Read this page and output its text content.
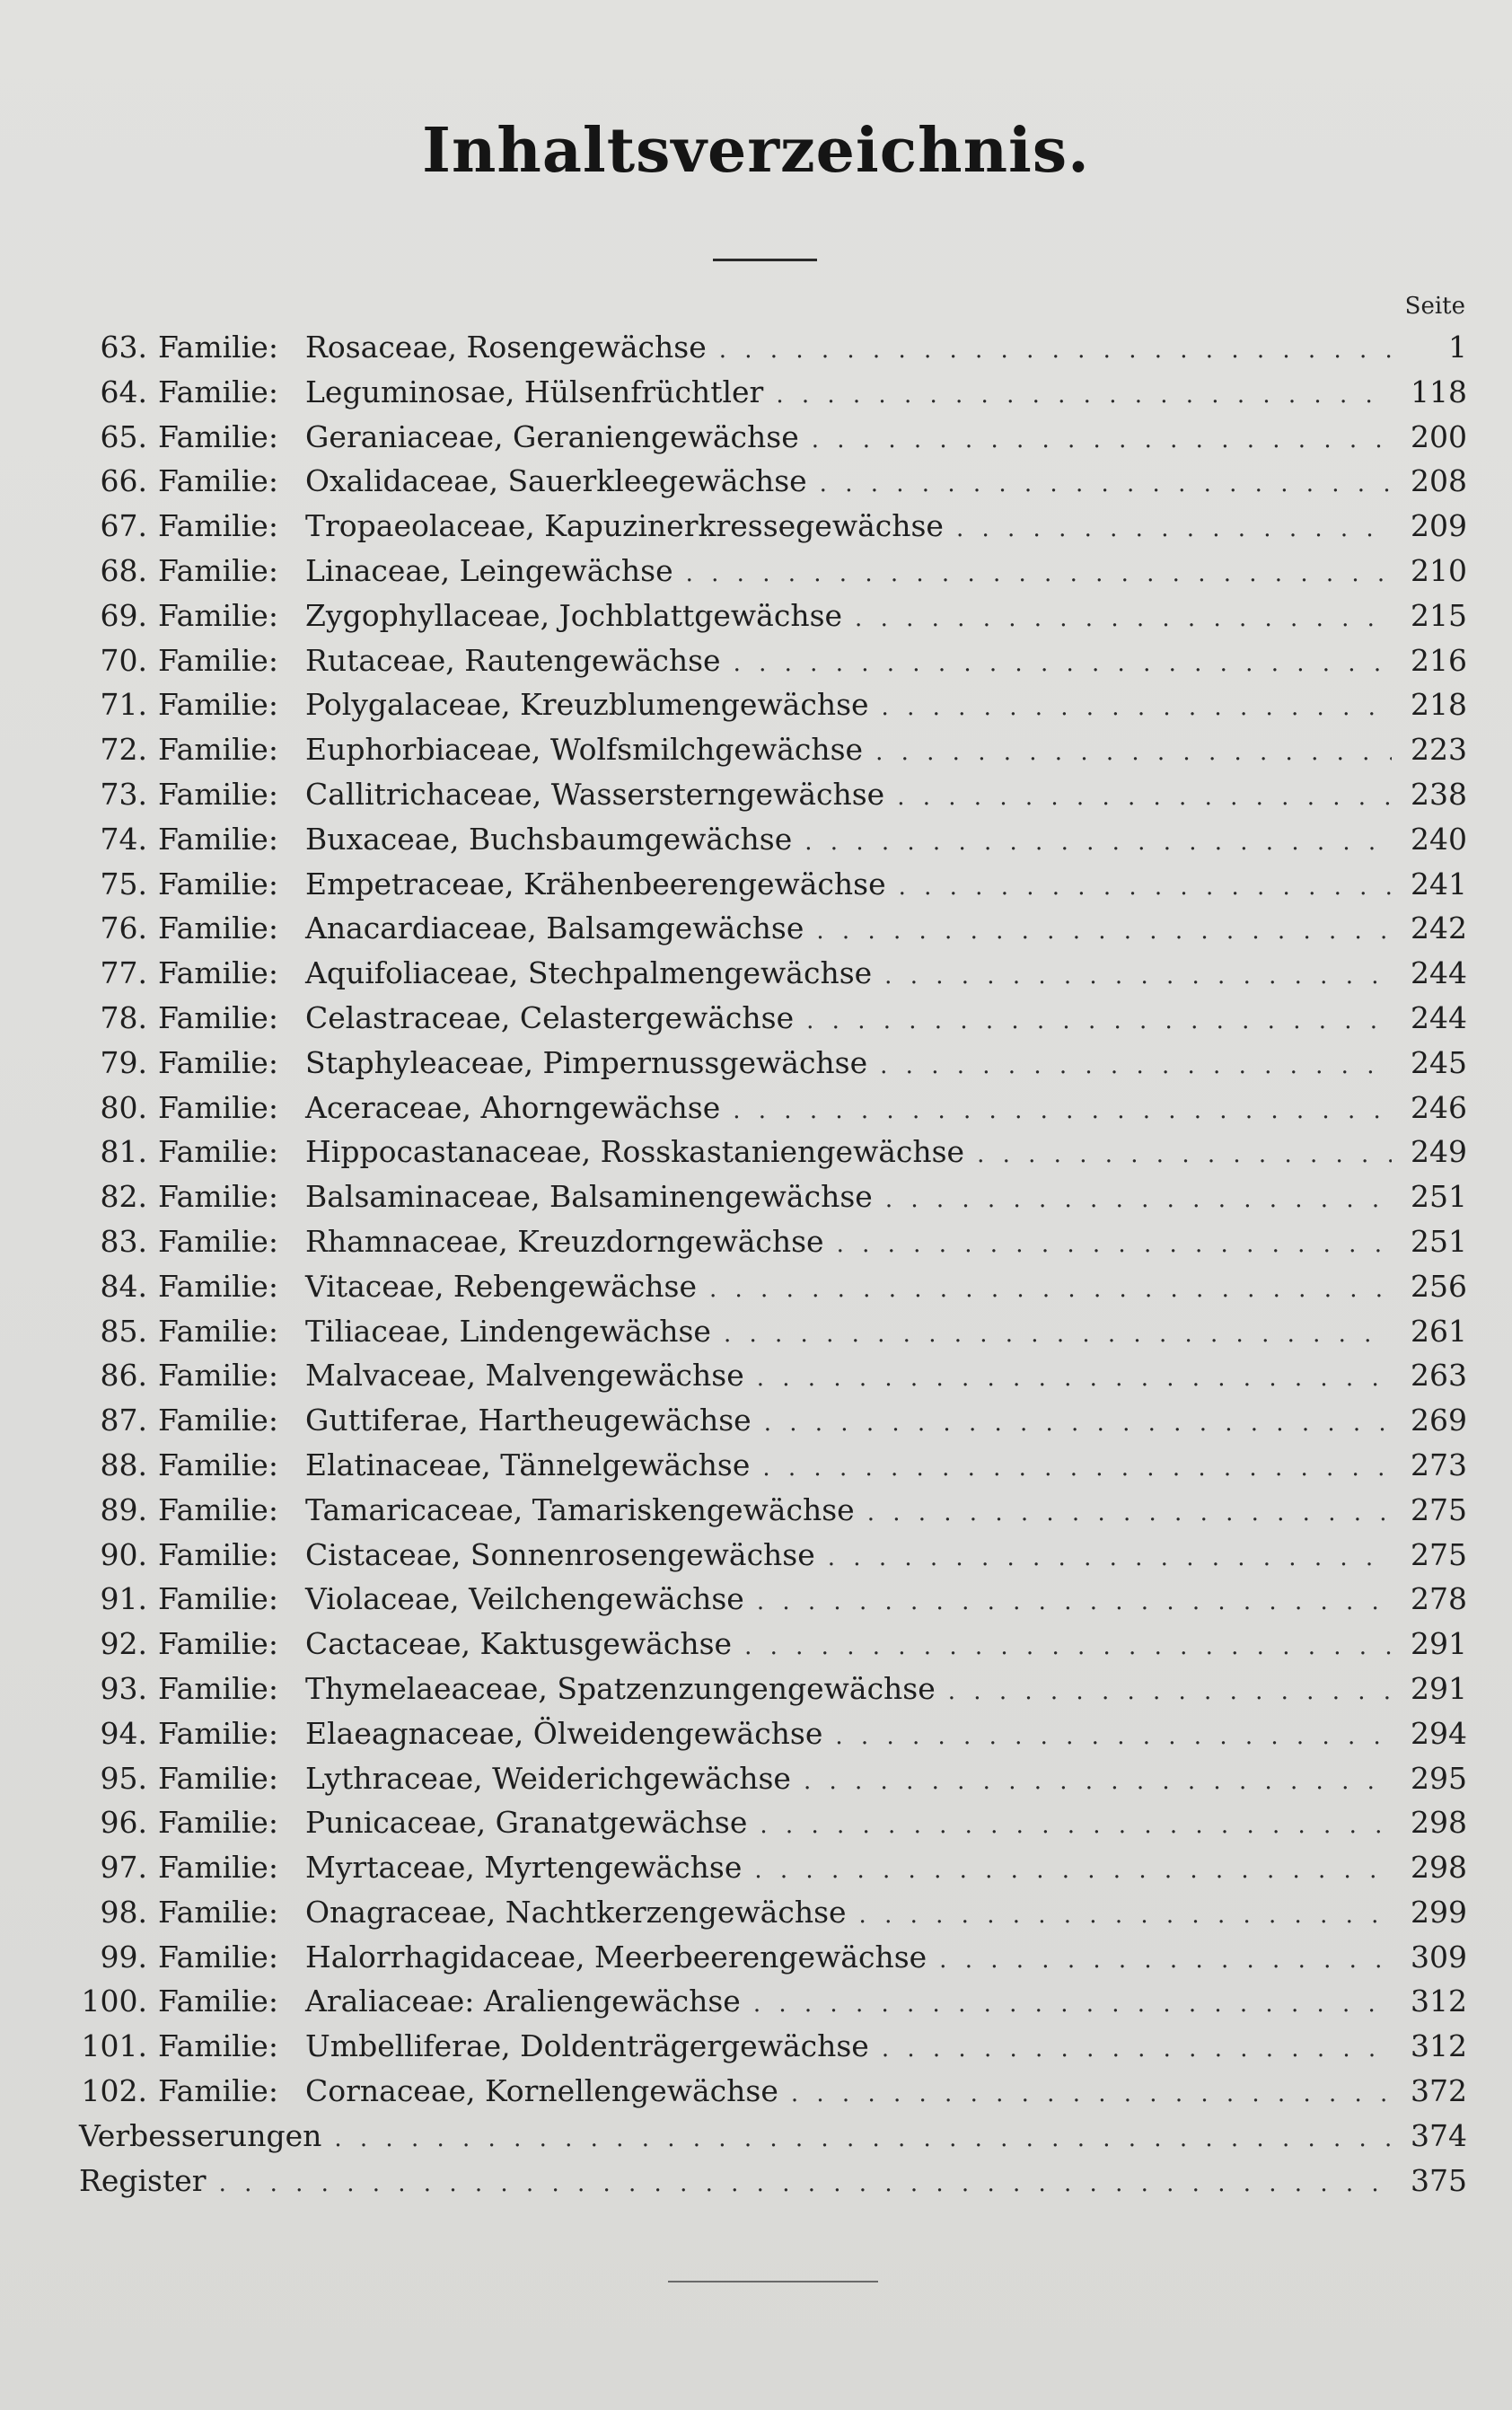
Inhaltsverzeichnis.
Seite
63. Familie: Rosaceae, Rosengewächse . . .	1
64. Familie: Leguminosae, Hülsenfrüchtler . . .	118
65. Familie: Geraniaceae, Geraniengewächse . . .	200
66. Familie: Oxalidaceae, Sauerkleegewächse . . .	208
67. Familie: Tropaeolaceae, Kapuzinerkressegewächse . . .	209
68. Familie: Linaceae, Leingewächse . . .	210
69. Familie: Zygophyllaceae, Jochblattgewächse . . .	215
70. Familie: Rutaceae, Rautengewächse . . .	216
71. Familie: Polygalaceae, Kreuzblumengewächse . . .	218
72. Familie: Euphorbiaceae, Wolfsmilchgewächse . . .	223
73. Familie: Callitrichaceae, Wassersterngewächse . . .	238
74. Familie: Buxaceae, Buchsbaumgewächse . . .	240
75. Familie: Empetraceae, Krähenbeerengewächse . . .	241
76. Familie: Anacardiaceae, Balsamgewächse . . .	242
77. Familie: Aquifoliaceae, Stechpalmengewächse . . .	244
78. Familie: Celastraceae, Celastergewächse . . .	244
79. Familie: Staphyleaceae, Pimpernussgewächse . . .	245
80. Familie: Aceraceae, Ahorngewächse . . .	246
81. Familie: Hippocastanaceae, Rosskastaniengewächse . . .	249
82. Familie: Balsaminaceae, Balsaminengewächse . . .	251
83. Familie: Rhamnaceae, Kreuzdorngewächse . . .	251
84. Familie: Vitaceae, Rebengewächse . . .	256
85. Familie: Tiliaceae, Lindengewächse . . .	261
86. Familie: Malvaceae, Malvengewächse . . .	263
87. Familie: Guttiferae, Hartheugewächse . . .	269
88. Familie: Elatinaceae, Tännelgewächse . . .	273
89. Familie: Tamaricaceae, Tamariskengewächse . . .	275
90. Familie: Cistaceae, Sonnenrosengewächse . . .	275
91. Familie: Violaceae, Veilchengewächse . . .	278
92. Familie: Cactaceae, Kaktusgewächse . . .	291
93. Familie: Thymelaeaceae, Spatzenzungengewächse . . .	291
94. Familie: Elaeagnaceae, Ölweidengewächse . . .	294
95. Familie: Lythraceae, Weiderichgewächse . . .	295
96. Familie: Punicaceae, Granatgewächse . . .	298
97. Familie: Myrtaceae, Myrtengewächse . . .	298
98. Familie: Onagraceae, Nachtkerzengewächse . . .	299
99. Familie: Halorrhagidaceae, Meerbeerengewächse . . .	309
100. Familie: Araliaceae: Araliengewächse . . .	312
101. Familie: Umbelliferae, Doldenträgergewächse . . .	312
102. Familie: Cornaceae, Kornellengewächse . . .	372
Verbesserungen . . .	374
Register . . .	375
